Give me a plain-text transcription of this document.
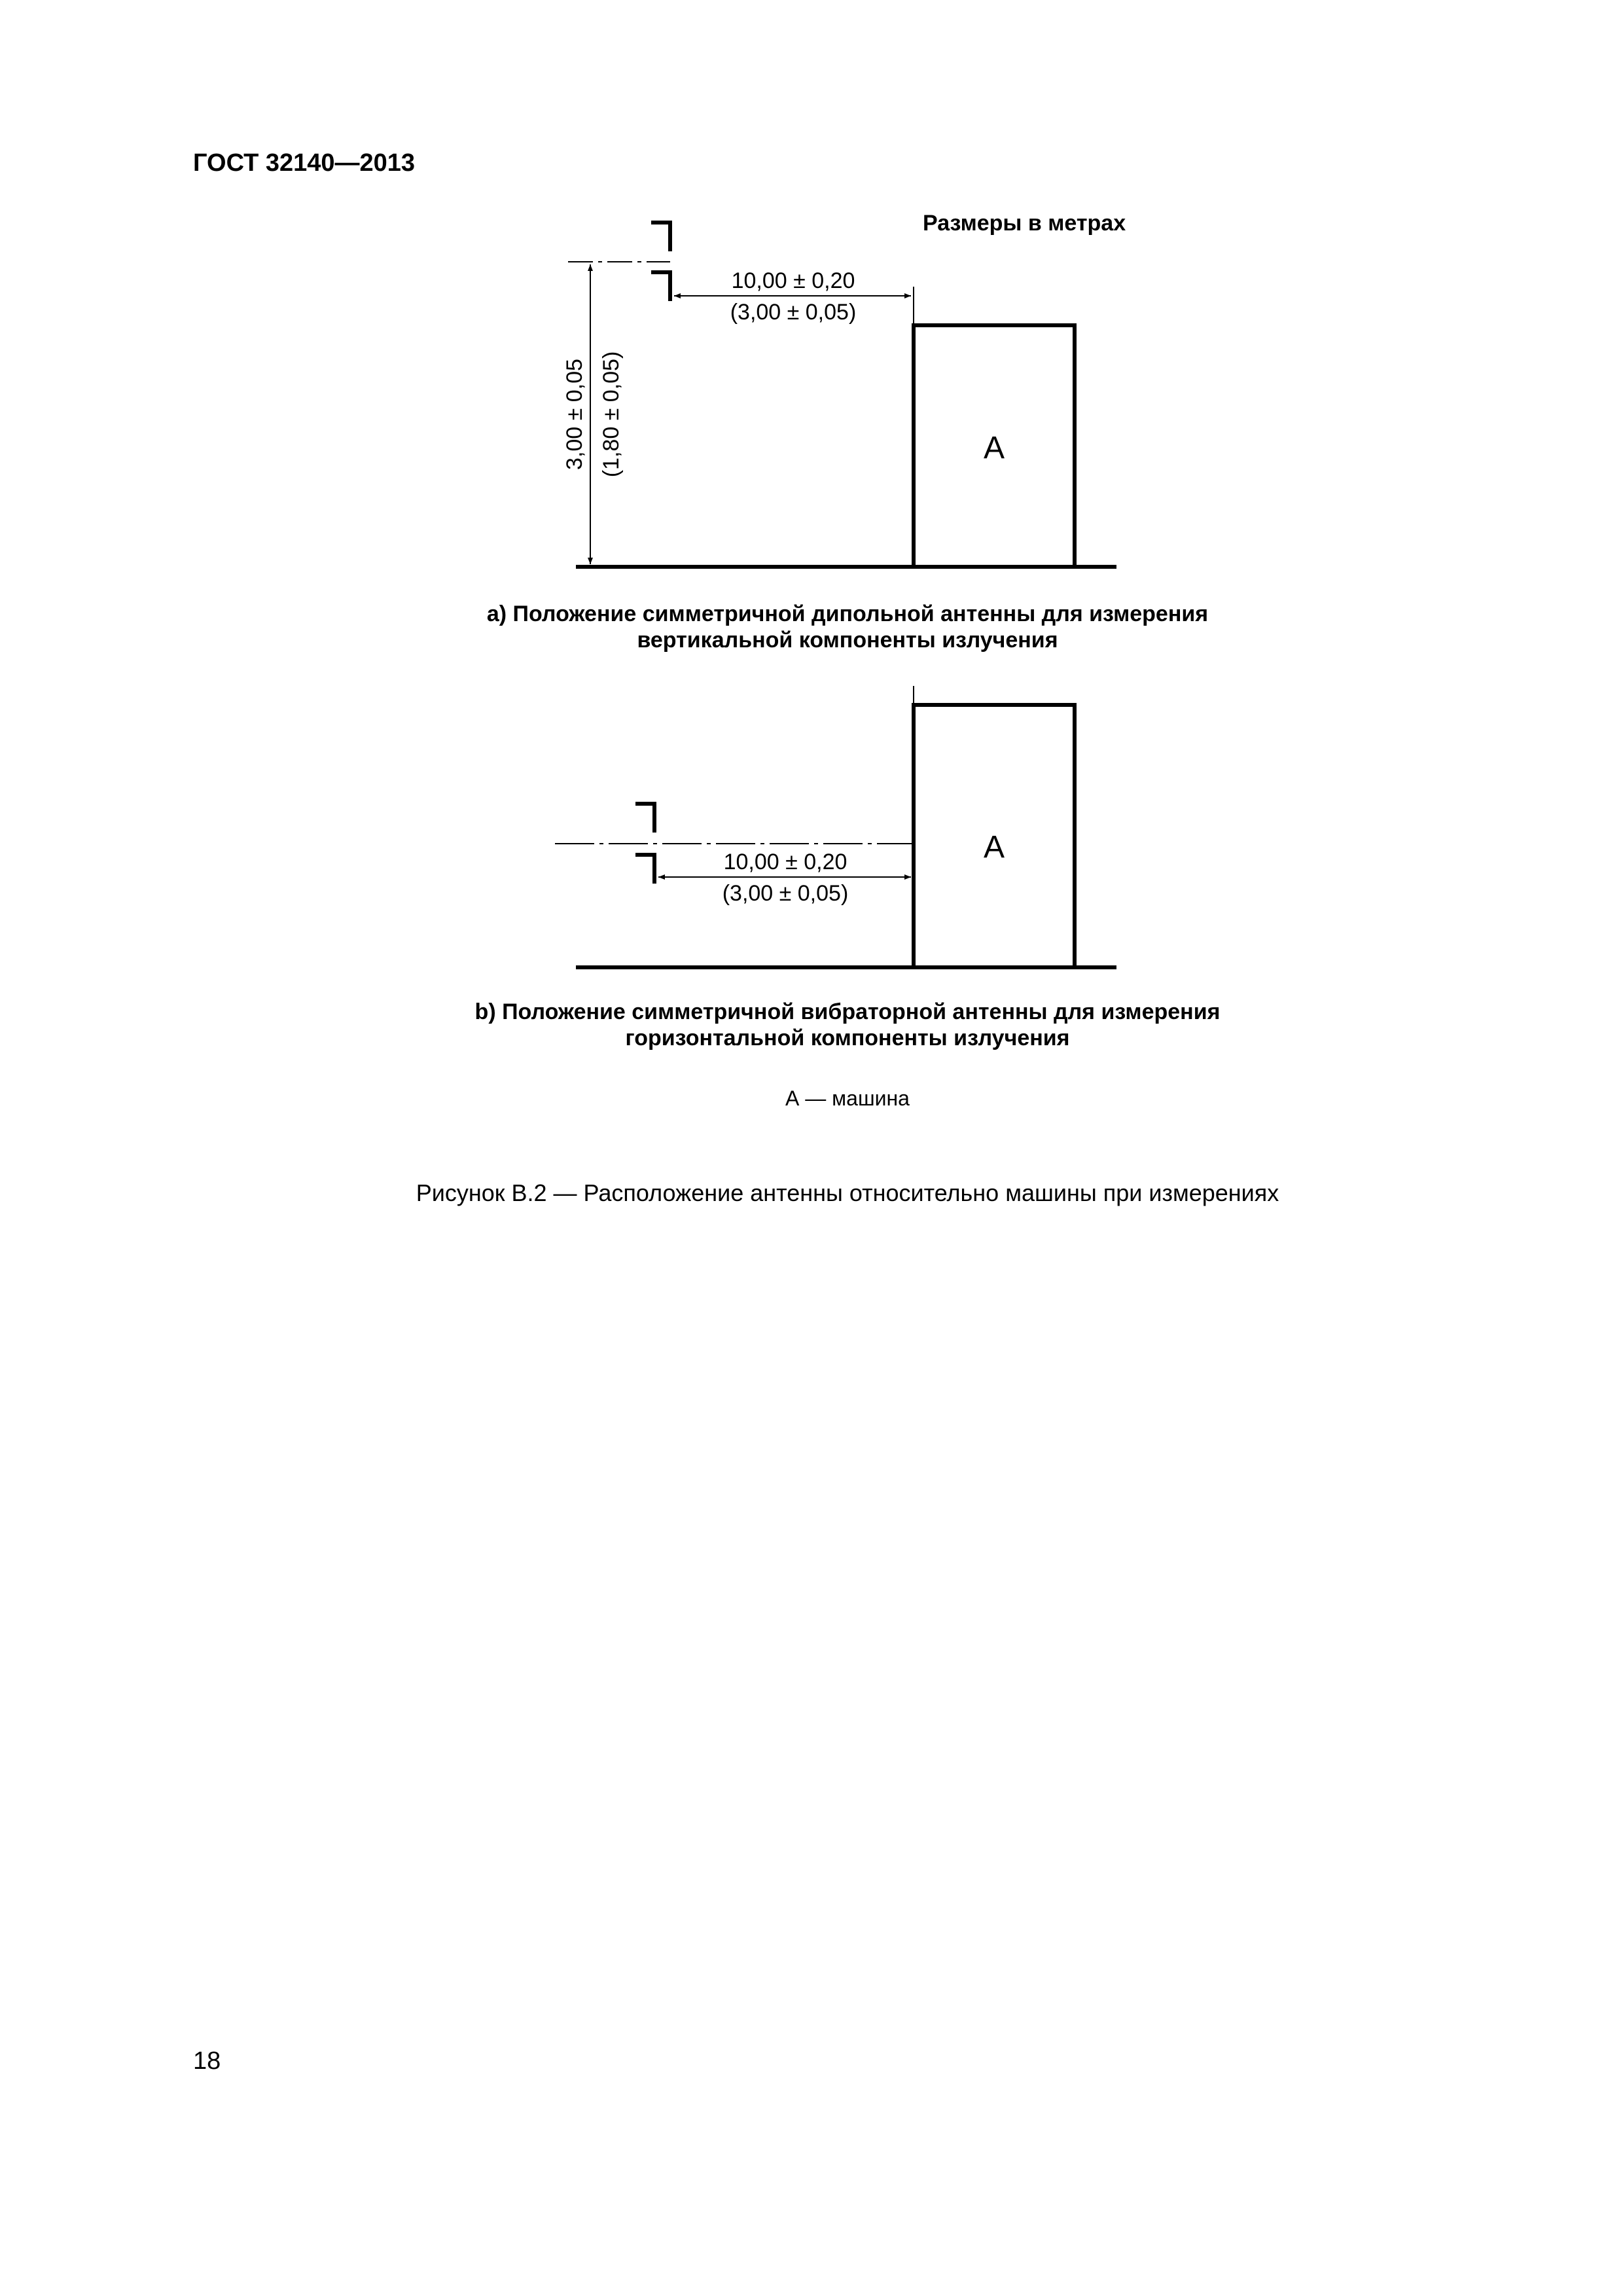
ГОСТ 32140—2013
Размеры в метрах
A
10,00 ± 0,20
(3,00 ± 0,05)
3,00 ± 0,05 (1,80 ± 0,05)
A
10,00 ± 0,20
(3,00 ± 0,05)
a) Положение симметричной дипольной антенны для измерения
вертикальной компоненты излучения
b) Положение симметричной вибраторной антенны для измерения
горизонтальной компоненты излучения
А — машина
Рисунок В.2 — Расположение антенны относительно машины при измерениях
18
